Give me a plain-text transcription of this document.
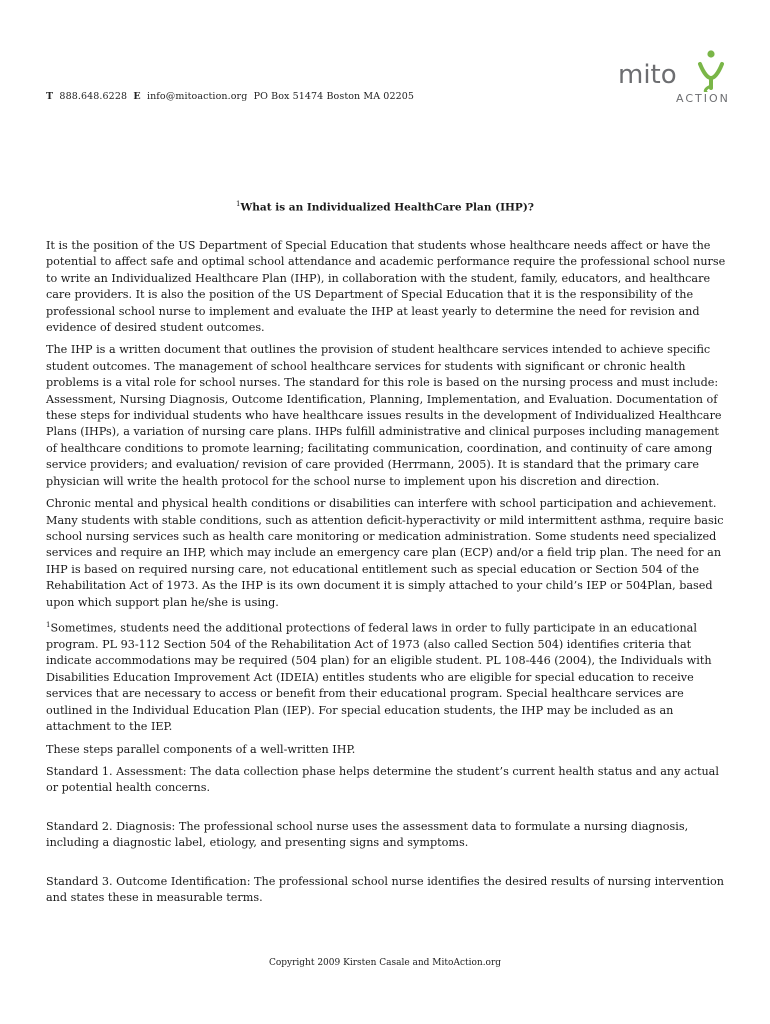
T 888.648.6228 E info@mitoaction.org PO Box 51474 Boston MA 02205
mito
ACTION
$^1$What is an Individualized HealthCare Plan (IHP)?

It is the position of the US Department of Special Education that students whose healthcare needs affect or have the potential to affect safe and optimal school attendance and academic performance require the professional school nurse to write an Individualized Healthcare Plan (IHP), in collaboration with the student, family, educators, and healthcare care providers. It is also the position of the US Department of Special Education that it is the responsibility of the professional school nurse to implement and evaluate the IHP at least yearly to determine the need for revision and evidence of desired student outcomes.

The IHP is a written document that outlines the provision of student healthcare services intended to achieve specific student outcomes. The management of school healthcare services for students with significant or chronic health problems is a vital role for school nurses. The standard for this role is based on the nursing process and must include: Assessment, Nursing Diagnosis, Outcome Identification, Planning, Implementation, and Evaluation. Documentation of these steps for individual students who have healthcare issues results in the development of Individualized Healthcare Plans (IHPs), a variation of nursing care plans. IHPs fulfill administrative and clinical purposes including management of healthcare conditions to promote learning; facilitating communication, coordination, and continuity of care among service providers; and evaluation/ revision of care provided (Herrmann, 2005). It is standard that the primary care physician will write the health protocol for the school nurse to implement upon his discretion and direction.

Chronic mental and physical health conditions or disabilities can interfere with school participation and achievement. Many students with stable conditions, such as attention deficit-hyperactivity or mild intermittent asthma, require basic school nursing services such as health care monitoring or medication administration. Some students need specialized services and require an IHP, which may include an emergency care plan (ECP) and/or a field trip plan. The need for an IHP is based on required nursing care, not educational entitlement such as special education or Section 504 of the Rehabilitation Act of 1973. As the IHP is its own document it is simply attached to your child’s IEP or 504Plan, based upon which support plan he/she is using.

$^1$Sometimes, students need the additional protections of federal laws in order to fully participate in an educational program. PL 93-112 Section 504 of the Rehabilitation Act of 1973 (also called Section 504) identifies criteria that indicate accommodations may be required (504 plan) for an eligible student. PL 108-446 (2004), the Individuals with Disabilities Education Improvement Act (IDEIA) entitles students who are eligible for special education to receive services that are necessary to access or benefit from their educational program. Special healthcare services are outlined in the Individual Education Plan (IEP). For special education students, the IHP may be included as an attachment to the IEP.

These steps parallel components of a well-written IHP.

Standard 1. Assessment: The data collection phase helps determine the student’s current health status and any actual or potential health concerns.

Standard 2. Diagnosis: The professional school nurse uses the assessment data to formulate a nursing diagnosis, including a diagnostic label, etiology, and presenting signs and symptoms.

Standard 3. Outcome Identification: The professional school nurse identifies the desired results of nursing intervention and states these in measurable terms.

Copyright 2009 Kirsten Casale and MitoAction.org
